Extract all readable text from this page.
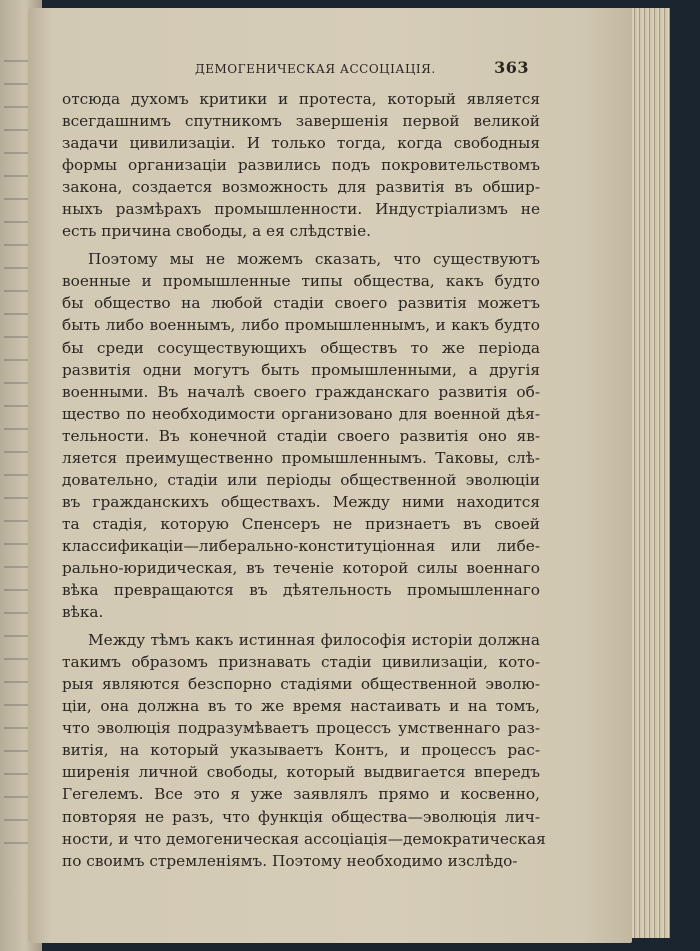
ДЕМОГЕНИЧЕСКАЯ АССОЦIАЦIЯ.	363
отсюда духомъ критики и протеста, который является
всегдашнимъ спутникомъ завершенiя первой великой
задачи цивилизацiи. И только тогда, когда свободныя
формы организацiи развились подъ покровительствомъ
закона, создается возможность для развитiя въ обшир-
ныхъ размѣрахъ промышленности. Индустрiализмъ не
есть причина свободы, а ея слѣдствiе.
Поэтому мы не можемъ сказать, что существуютъ
военные и промышленные типы общества, какъ будто
бы общество на любой стадiи своего развитiя можетъ
быть либо военнымъ, либо промышленнымъ, и какъ будто
бы среди сосуществующихъ обществъ то же перiода
развитiя одни могутъ быть промышленными, а другiя
военными. Въ началѣ своего гражданскаго развитiя об-
щество по необходимости организовано для военной дѣя-
тельности. Въ конечной стадiи своего развитiя оно яв-
ляется преимущественно промышленнымъ. Таковы, слѣ-
довательно, стадiи или перiоды общественной эволюцiи
въ гражданскихъ обществахъ. Между ними находится
та стадiя, которую Спенсеръ не признаетъ въ своей
классификацiи—либерально-конституцiонная или либе-
рально-юридическая, въ теченiе которой силы военнаго
вѣка превращаются въ дѣятельность промышленнаго
вѣка.
Между тѣмъ какъ истинная философiя исторiи должна
такимъ образомъ признавать стадiи цивилизацiи, кото-
рыя являются безспорно стадiями общественной эволю-
цiи, она должна въ то же время настаивать и на томъ,
что эволюцiя подразумѣваетъ процессъ умственнаго раз-
витiя, на который указываетъ Контъ, и процессъ рас-
ширенiя личной свободы, который выдвигается впередъ
Гегелемъ. Все это я уже заявлялъ прямо и косвенно,
повторяя не разъ, что функцiя общества—эволюцiя лич-
ности, и что демогеническая ассоцiацiя—демократическая
по своимъ стремленiямъ. Поэтому необходимо изслѣдо-
